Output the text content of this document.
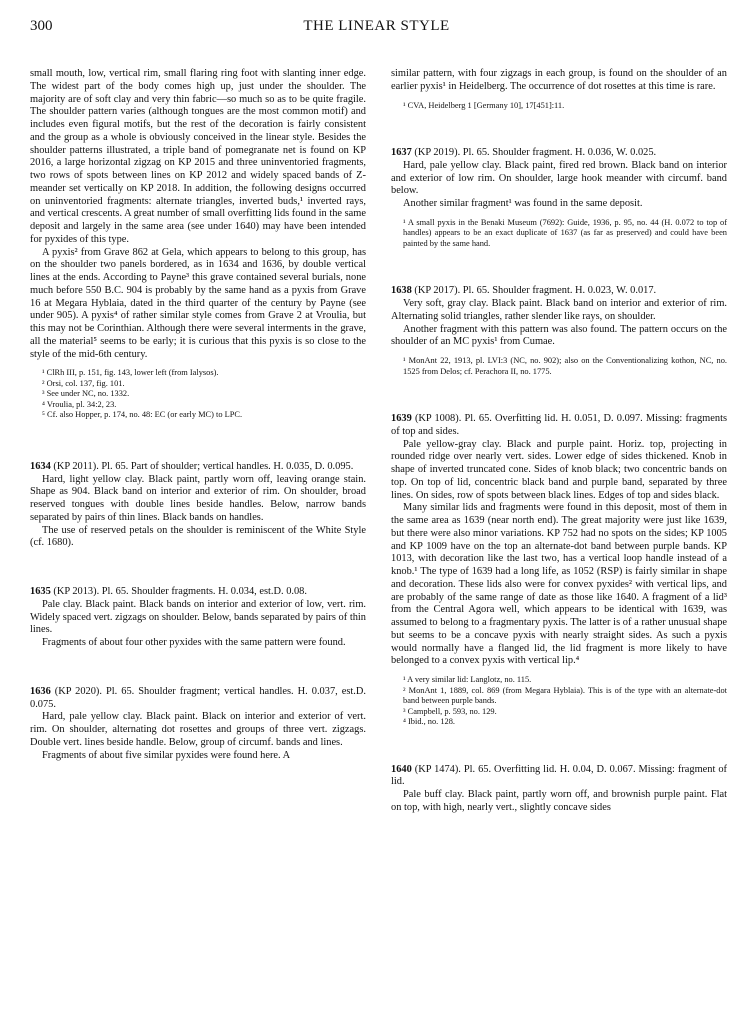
300	THE LINEAR STYLE

small mouth, low, vertical rim, small flaring ring foot with slanting inner edge. The widest part of the body comes high up, just under the shoulder. The majority are of soft clay and very thin fabric—so much so as to be quite fragile. The shoulder pattern varies (although tongues are the most common motif) and includes even figural motifs, but the rest of the decoration is fairly consistent and the group as a whole is obviously conceived in the linear style. Besides the shoulder patterns illustrated, a triple band of pomegranate net is found on KP 2016, a large horizontal zigzag on KP 2015 and three uninventoried fragments, two rows of spots between lines on KP 2012 and widely spaced bands of Z-meander set vertically on KP 2018. In addition, the following designs occurred on uninventoried fragments: alternate triangles, inverted buds,¹ inverted rays, and vertical crescents. A great number of small overfitting lids found in the same deposit and largely in the same area (see under 1640) may have been intended for pyxides of this type.

A pyxis² from Grave 862 at Gela, which appears to belong to this group, has on the shoulder two panels bordered, as in 1634 and 1636, by double vertical lines at the ends. According to Payne³ this grave contained several burials, none much before 550 B.C. 904 is probably by the same hand as a pyxis from Grave 16 at Megara Hyblaia, dated in the third quarter of the century by Payne (see under 905). A pyxis⁴ of rather similar style comes from Grave 2 at Vroulia, but this may not be Corinthian. Although there were several interments in the grave, all the material⁵ seems to be early; it is curious that this pyxis is so close to the style of the mid-6th century.

¹ ClRh III, p. 151, fig. 143, lower left (from Ialysos).

² Orsi, col. 137, fig. 101.

³ See under NC, no. 1332.

⁴ Vroulia, pl. 34:2, 23.

⁵ Cf. also Hopper, p. 174, no. 48: EC (or early MC) to LPC.

1634 (KP 2011). Pl. 65. Part of shoulder; vertical handles. H. 0.035, D. 0.095.

Hard, light yellow clay. Black paint, partly worn off, leaving orange stain. Shape as 904. Black band on interior and exterior of rim. On shoulder, broad reserved tongues with double lines beside handles. Below, narrow bands separated by pairs of thin lines. Black bands on handles.

The use of reserved petals on the shoulder is reminiscent of the White Style (cf. 1680).

1635 (KP 2013). Pl. 65. Shoulder fragments. H. 0.034, est.D. 0.08.

Pale clay. Black paint. Black bands on interior and exterior of low, vert. rim. Widely spaced vert. zigzags on shoulder. Below, bands separated by pairs of thin lines.

Fragments of about four other pyxides with the same pattern were found.

1636 (KP 2020). Pl. 65. Shoulder fragment; vertical handles. H. 0.037, est.D. 0.075.

Hard, pale yellow clay. Black paint. Black on interior and exterior of vert. rim. On shoulder, alternating dot rosettes and groups of three vert. zigzags. Double vert. lines beside handle. Below, group of circumf. bands and lines.

Fragments of about five similar pyxides were found here. A

similar pattern, with four zigzags in each group, is found on the shoulder of an earlier pyxis¹ in Heidelberg. The occurrence of dot rosettes at this time is rare.

¹ CVA, Heidelberg 1 [Germany 10], 17[451]:11.

1637 (KP 2019). Pl. 65. Shoulder fragment. H. 0.036, W. 0.025.

Hard, pale yellow clay. Black paint, fired red brown. Black band on interior and exterior of low rim. On shoulder, large hook meander with circumf. band below.

Another similar fragment¹ was found in the same deposit.

¹ A small pyxis in the Benaki Museum (7692): Guide, 1936, p. 95, no. 44 (H. 0.072 to top of handles) appears to be an exact duplicate of 1637 (as far as preserved) and could have been painted by the same hand.

1638 (KP 2017). Pl. 65. Shoulder fragment. H. 0.023, W. 0.017.

Very soft, gray clay. Black paint. Black band on interior and exterior of rim. Alternating solid triangles, rather slender like rays, on shoulder.

Another fragment with this pattern was also found. The pattern occurs on the shoulder of an MC pyxis¹ from Cumae.

¹ MonAnt 22, 1913, pl. LVI:3 (NC, no. 902); also on the Conventionalizing kothon, NC, no. 1525 from Delos; cf. Perachora II, no. 1775.

1639 (KP 1008). Pl. 65. Overfitting lid. H. 0.051, D. 0.097. Missing: fragments of top and sides.

Pale yellow-gray clay. Black and purple paint. Horiz. top, projecting in rounded ridge over nearly vert. sides. Lower edge of sides thickened. Knob in shape of inverted truncated cone. Sides of knob black; two concentric bands on top. On top of lid, concentric black band and purple band, separated by three lines. On sides, row of spots between black lines. Edges of top and sides black.

Many similar lids and fragments were found in this deposit, most of them in the same area as 1639 (near north end). The great majority were just like 1639, but there were also minor variations. KP 752 had no spots on the sides; KP 1005 and KP 1009 have on the top an alternate-dot band between purple bands. KP 1013, with decoration like the last two, has a vertical loop handle instead of a knob.¹ The type of 1639 had a long life, as 1052 (RSP) is fairly similar in shape and decoration. These lids also were for convex pyxides² with vertical lips, and are probably of the same range of date as those like 1640. A fragment of a lid³ from the Central Agora well, which appears to be identical with 1639, was assumed to belong to a fragmentary pyxis. The latter is of a rather unusual shape but seems to be a concave pyxis with nearly straight sides. As such a pyxis would normally have a flanged lid, the lid fragment is more likely to have belonged to a convex pyxis with vertical lip.⁴

¹ A very similar lid: Langlotz, no. 115.

² MonAnt 1, 1889, col. 869 (from Megara Hyblaia). This is of the type with an alternate-dot band between purple bands.

³ Campbell, p. 593, no. 129.

⁴ Ibid., no. 128.

1640 (KP 1474). Pl. 65. Overfitting lid. H. 0.04, D. 0.067. Missing: fragment of lid.

Pale buff clay. Black paint, partly worn off, and brownish purple paint. Flat on top, with high, nearly vert., slightly concave sides
